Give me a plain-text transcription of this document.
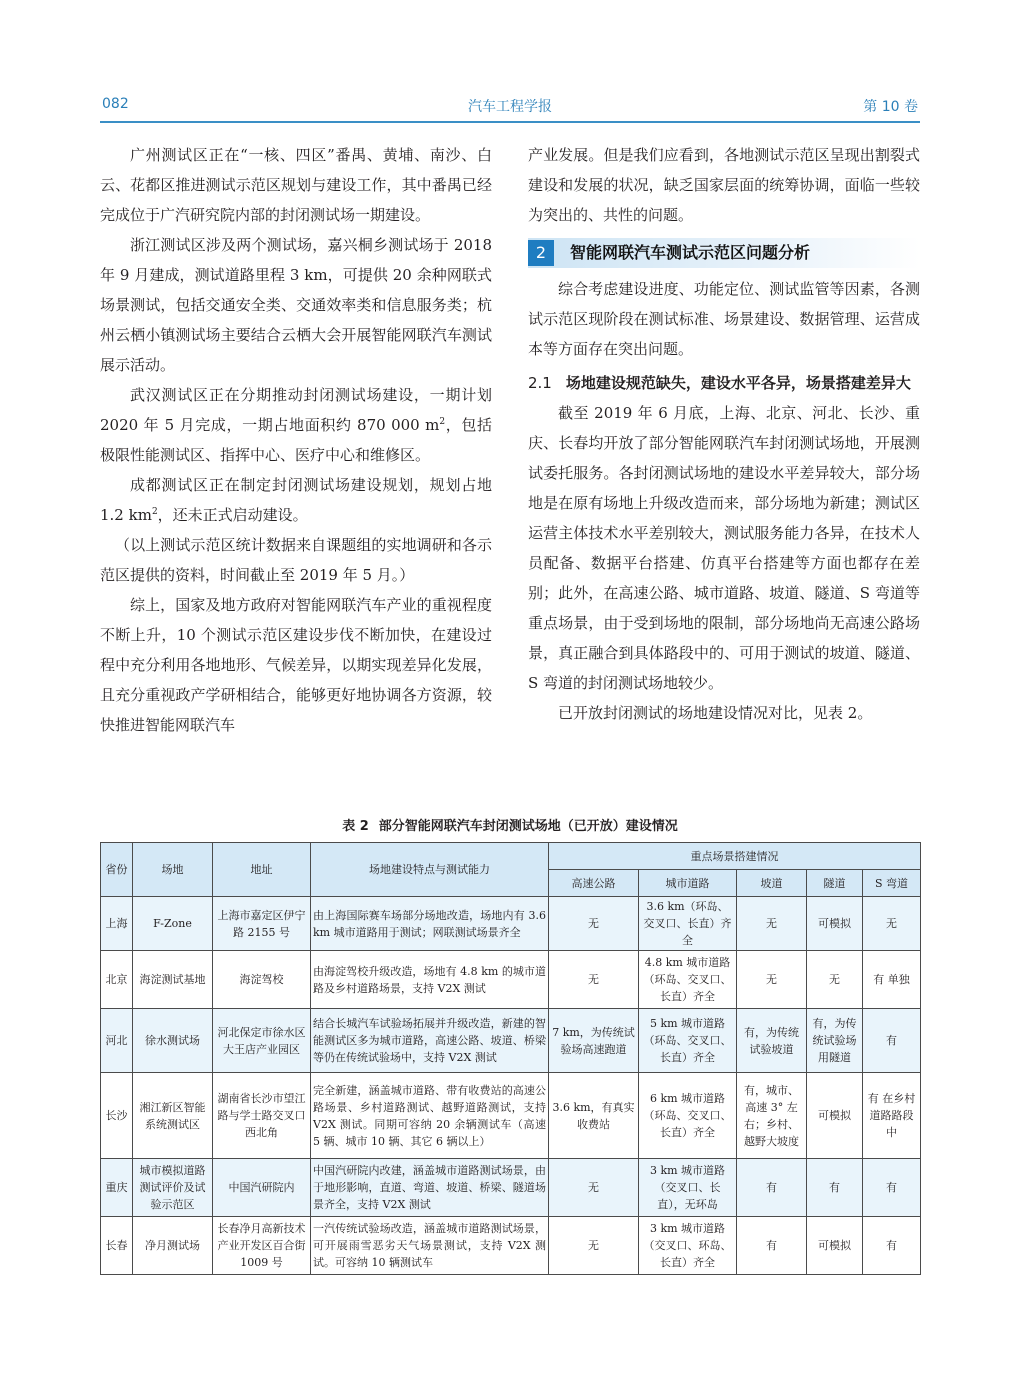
082	汽车工程学报	第 10 卷

广州测试区正在“一核、四区”番禺、黄埔、南沙、白云、花都区推进测试示范区规划与建设工作，其中番禺已经完成位于广汽研究院内部的封闭测试场一期建设。

浙江测试区涉及两个测试场，嘉兴桐乡测试场于 2018 年 9 月建成，测试道路里程 3 km，可提供 20 余种网联式场景测试，包括交通安全类、交通效率类和信息服务类；杭州云栖小镇测试场主要结合云栖大会开展智能网联汽车测试展示活动。

武汉测试区正在分期推动封闭测试场建设，一期计划 2020 年 5 月完成，一期占地面积约 870 000 $m^2$，包括极限性能测试区、指挥中心、医疗中心和维修区。

成都测试区正在制定封闭测试场建设规划，规划占地 1.2 $km^2$，还未正式启动建设。

（以上测试示范区统计数据来自课题组的实地调研和各示范区提供的资料，时间截止至 2019 年 5 月。）

综上，国家及地方政府对智能网联汽车产业的重视程度不断上升，10 个测试示范区建设步伐不断加快，在建设过程中充分利用各地地形、气候差异，以期实现差异化发展，且充分重视政产学研相结合，能够更好地协调各方资源，较快推进智能网联汽车

产业发展。但是我们应看到，各地测试示范区呈现出割裂式建设和发展的状况，缺乏国家层面的统筹协调，面临一些较为突出的、共性的问题。

2	智能网联汽车测试示范区问题分析

综合考虑建设进度、功能定位、测试监管等因素，各测试示范区现阶段在测试标准、场景建设、数据管理、运营成本等方面存在突出问题。

2.1 场地建设规范缺失，建设水平各异，场景搭建差异大

截至 2019 年 6 月底，上海、北京、河北、长沙、重庆、长春均开放了部分智能网联汽车封闭测试场地，开展测试委托服务。各封闭测试场地的建设水平差异较大，部分场地是在原有场地上升级改造而来，部分场地为新建；测试区运营主体技术水平差别较大，测试服务能力各异，在技术人员配备、数据平台搭建、仿真平台搭建等方面也都存在差别；此外，在高速公路、城市道路、坡道、隧道、S 弯道等重点场景，由于受到场地的限制，部分场地尚无高速公路场景，真正融合到具体路段中的、可用于测试的坡道、隧道、S 弯道的封闭测试场地较少。

已开放封闭测试的场地建设情况对比，见表 2。

表 2 部分智能网联汽车封闭测试场地（已开放）建设情况
省份	场地	地址	场地建设特点与测试能力	重点场景搭建情况				
				高速公路	城市道路	坡道	隧道	S 弯道
上海	F-Zone	上海市嘉定区伊宁路 2155 号	由上海国际赛车场部分场地改造，场地内有 3.6 km 城市道路用于测试；网联测试场景齐全	无	3.6 km（环岛、交叉口、长直）齐全	无	可模拟	无
北京	海淀测试基地	海淀驾校	由海淀驾校升级改造，场地有 4.8 km 的城市道路及乡村道路场景，支持 V2X 测试	无	4.8 km 城市道路（环岛、交叉口、长直）齐全	无	无	有 单独
河北	徐水测试场	河北保定市徐水区大王店产业园区	结合长城汽车试验场拓展并升级改造，新建的智能测试区多为城市道路，高速公路、坡道、桥梁等仍在传统试验场中，支持 V2X 测试	7 km，为传统试验场高速跑道	5 km 城市道路（环岛、交叉口、长直）齐全	有，为传统试验坡道	有，为传统试验场用隧道	有
长沙	湘江新区智能系统测试区	湖南省长沙市望江路与学士路交叉口西北角	完全新建，涵盖城市道路、带有收费站的高速公路场景、乡村道路测试、越野道路测试，支持 V2X 测试。同期可容纳 20 余辆测试车（高速 5 辆、城市 10 辆、其它 6 辆以上）	3.6 km，有真实收费站	6 km 城市道路（环岛、交叉口、长直）齐全	有，城市、高速 3° 左右；乡村、越野大坡度	可模拟	有 在乡村道路路段中
重庆	城市模拟道路测试评价及试验示范区	中国汽研院内	中国汽研院内改建，涵盖城市道路测试场景，由于地形影响，直道、弯道、坡道、桥梁、隧道场景齐全，支持 V2X 测试	无	3 km 城市道路（交叉口、长直），无环岛	有	有	有
长春	净月测试场	长春净月高新技术产业开发区百合街 1009 号	一汽传统试验场改造，涵盖城市道路测试场景，可开展雨雪恶劣天气场景测试，支持 V2X 测试。可容纳 10 辆测试车	无	3 km 城市道路（交叉口、环岛、长直）齐全	有	可模拟	有
